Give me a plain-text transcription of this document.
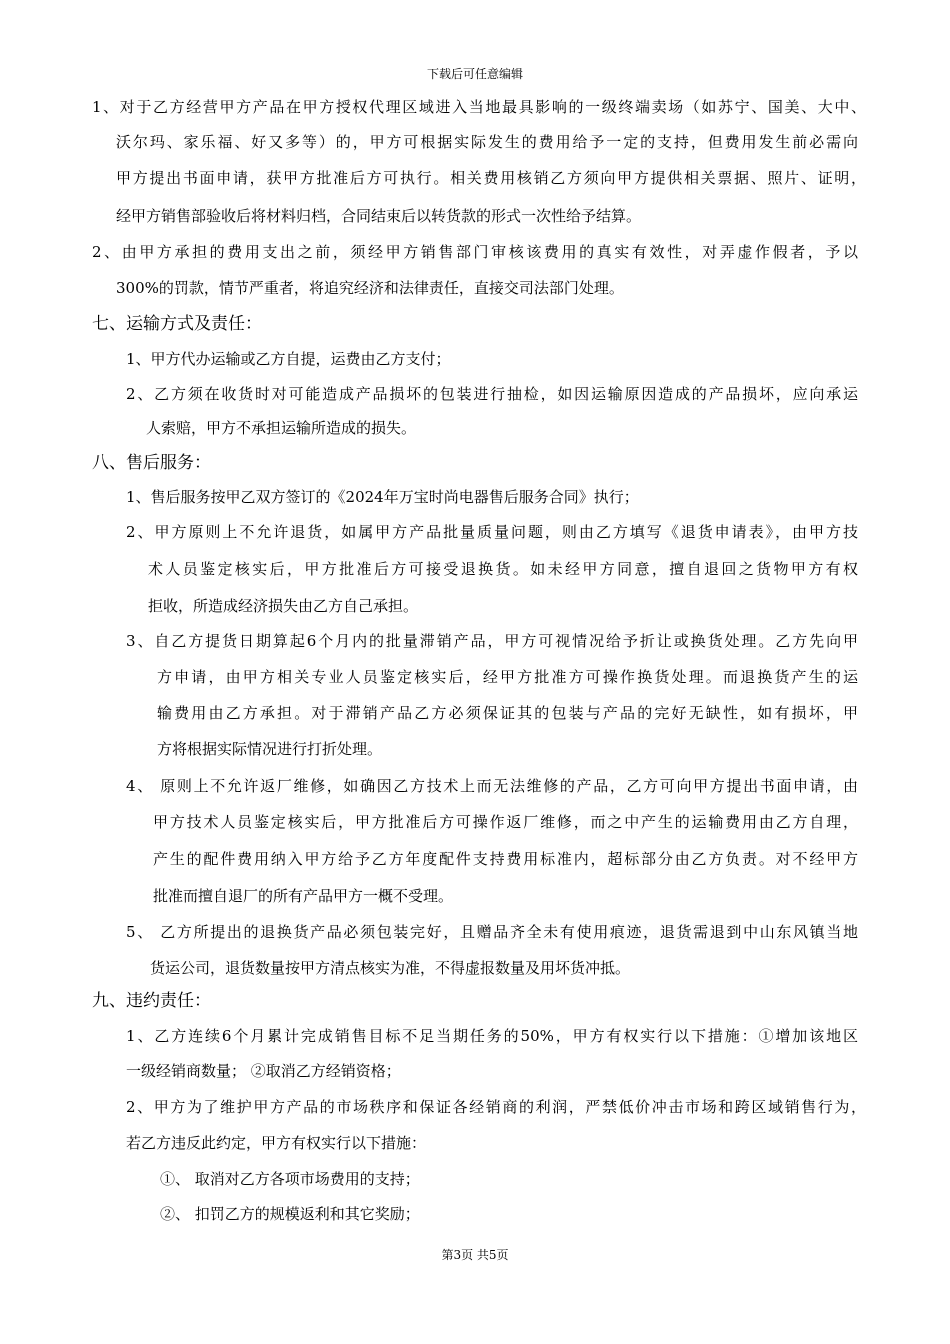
下载后可任意编辑
1、对于乙方经营甲方产品在甲方授权代理区域进入当地最具影响的一级终端卖场（如苏宁、国美、大中、
沃尔玛、家乐福、好又多等）的，甲方可根据实际发生的费用给予一定的支持，但费用发生前必需向
甲方提出书面申请，获甲方批准后方可执行。相关费用核销乙方须向甲方提供相关票据、照片、证明，
经甲方销售部验收后将材料归档，合同结束后以转货款的形式一次性给予结算。
2、由甲方承担的费用支出之前，须经甲方销售部门审核该费用的真实有效性，对弄虚作假者，予以
300%的罚款，情节严重者，将追究经济和法律责任，直接交司法部门处理。
七、运输方式及责任：
1、甲方代办运输或乙方自提，运费由乙方支付；
2、乙方须在收货时对可能造成产品损坏的包装进行抽检，如因运输原因造成的产品损坏，应向承运
人索赔，甲方不承担运输所造成的损失。
八、售后服务：
1、售后服务按甲乙双方签订的《2024年万宝时尚电器售后服务合同》执行；
2、甲方原则上不允许退货，如属甲方产品批量质量问题，则由乙方填写《退货申请表》，由甲方技
术人员鉴定核实后，甲方批准后方可接受退换货。如未经甲方同意，擅自退回之货物甲方有权
拒收，所造成经济损失由乙方自己承担。
3、自乙方提货日期算起6个月内的批量滞销产品，甲方可视情况给予折让或换货处理。乙方先向甲
方申请，由甲方相关专业人员鉴定核实后，经甲方批准方可操作换货处理。而退换货产生的运
输费用由乙方承担。对于滞销产品乙方必须保证其的包装与产品的完好无缺性，如有损坏，甲
方将根据实际情况进行打折处理。
4、 原则上不允许返厂维修，如确因乙方技术上而无法维修的产品，乙方可向甲方提出书面申请，由
甲方技术人员鉴定核实后，甲方批准后方可操作返厂维修，而之中产生的运输费用由乙方自理，
产生的配件费用纳入甲方给予乙方年度配件支持费用标准内，超标部分由乙方负责。对不经甲方
批准而擅自退厂的所有产品甲方一概不受理。
5、 乙方所提出的退换货产品必须包装完好，且赠品齐全未有使用痕迹，退货需退到中山东风镇当地
货运公司，退货数量按甲方清点核实为准，不得虚报数量及用坏货冲抵。
九、违约责任：
1、乙方连续6个月累计完成销售目标不足当期任务的50%，甲方有权实行以下措施：①增加该地区
一级经销商数量； ②取消乙方经销资格；
2、甲方为了维护甲方产品的市场秩序和保证各经销商的利润，严禁低价冲击市场和跨区域销售行为，
若乙方违反此约定，甲方有权实行以下措施：
①、 取消对乙方各项市场费用的支持；
②、 扣罚乙方的规模返利和其它奖励；
第3页 共5页
